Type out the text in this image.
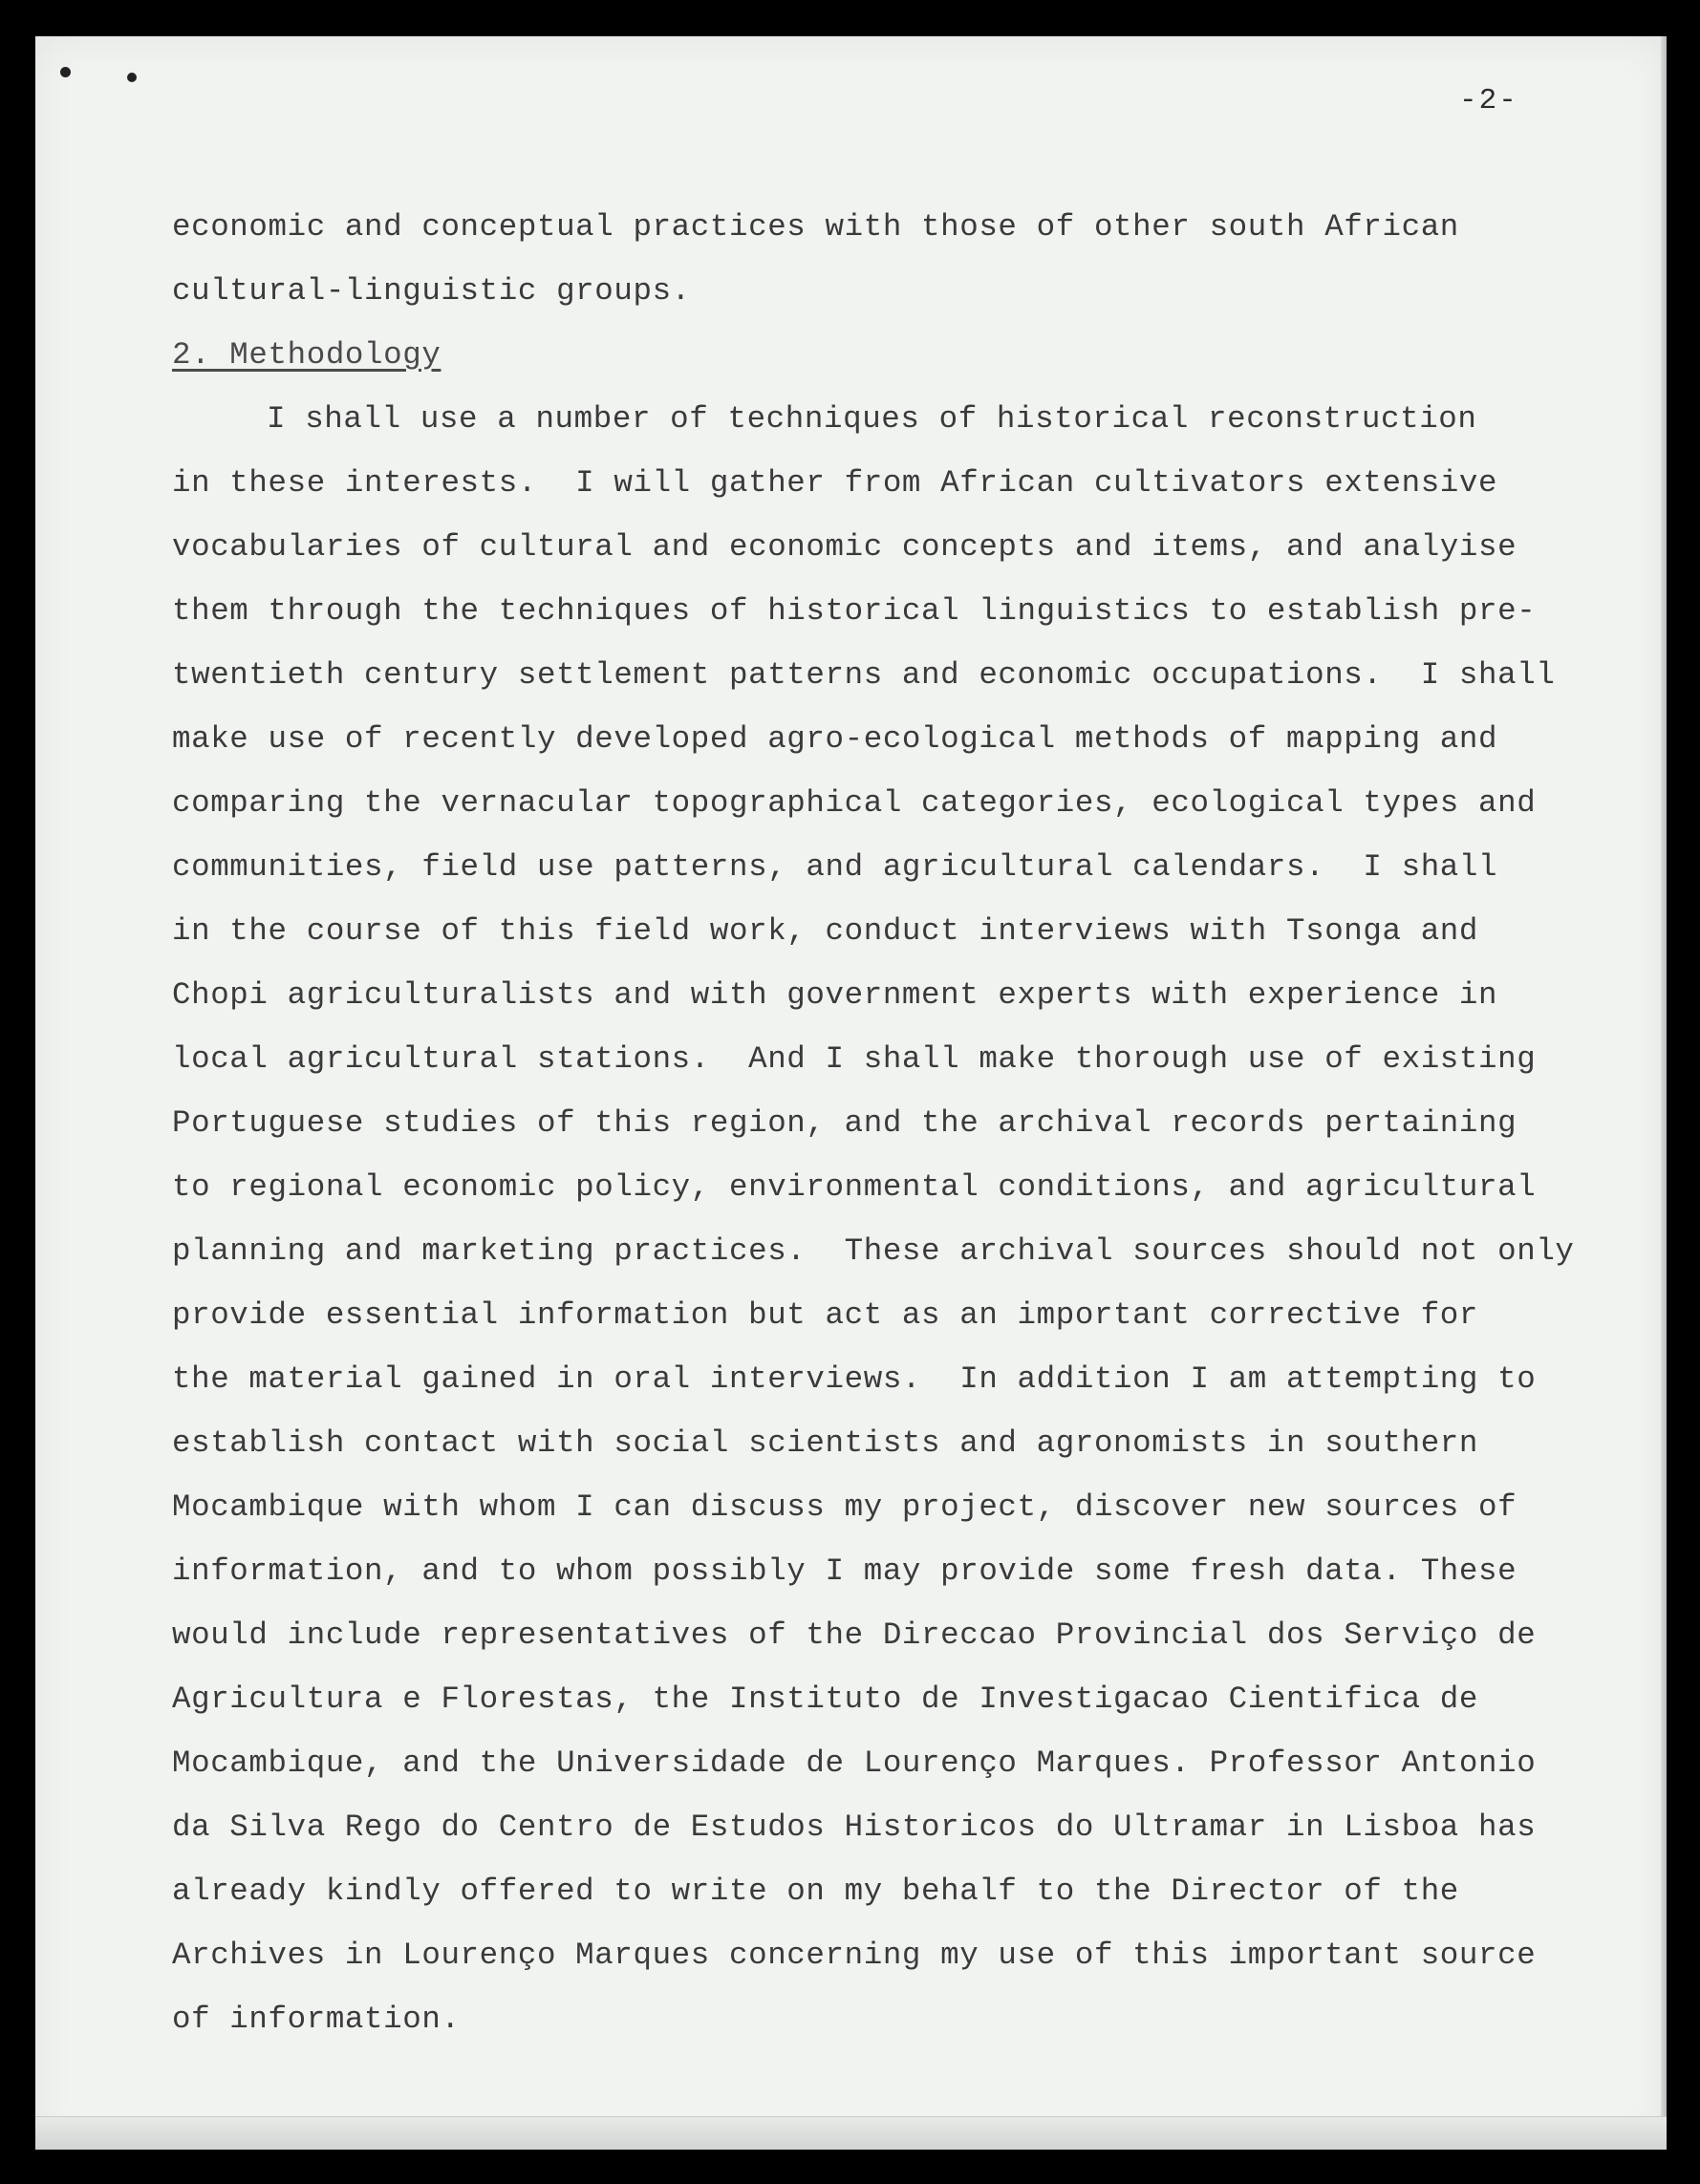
-2-
economic and conceptual practices with those of other south African
cultural-linguistic groups.
2. Methodology
I shall use a number of techniques of historical reconstruction
in these interests.  I will gather from African cultivators extensive
vocabularies of cultural and economic concepts and items, and analyise
them through the techniques of historical linguistics to establish pre-
twentieth century settlement patterns and economic occupations.  I shall
make use of recently developed agro-ecological methods of mapping and
comparing the vernacular topographical categories, ecological types and
communities, field use patterns, and agricultural calendars.  I shall
in the course of this field work, conduct interviews with Tsonga and
Chopi agriculturalists and with government experts with experience in
local agricultural stations.  And I shall make thorough use of existing
Portuguese studies of this region, and the archival records pertaining
to regional economic policy, environmental conditions, and agricultural
planning and marketing practices.  These archival sources should not only
provide essential information but act as an important corrective for
the material gained in oral interviews.  In addition I am attempting to
establish contact with social scientists and agronomists in southern
Mocambique with whom I can discuss my project, discover new sources of
information, and to whom possibly I may provide some fresh data. These
would include representatives of the Direccao Provincial dos Serviço de
Agricultura e Florestas, the Instituto de Investigacao Cientifica de
Mocambique, and the Universidade de Lourenço Marques. Professor Antonio
da Silva Rego do Centro de Estudos Historicos do Ultramar in Lisboa has
already kindly offered to write on my behalf to the Director of the
Archives in Lourenço Marques concerning my use of this important source
of information.
